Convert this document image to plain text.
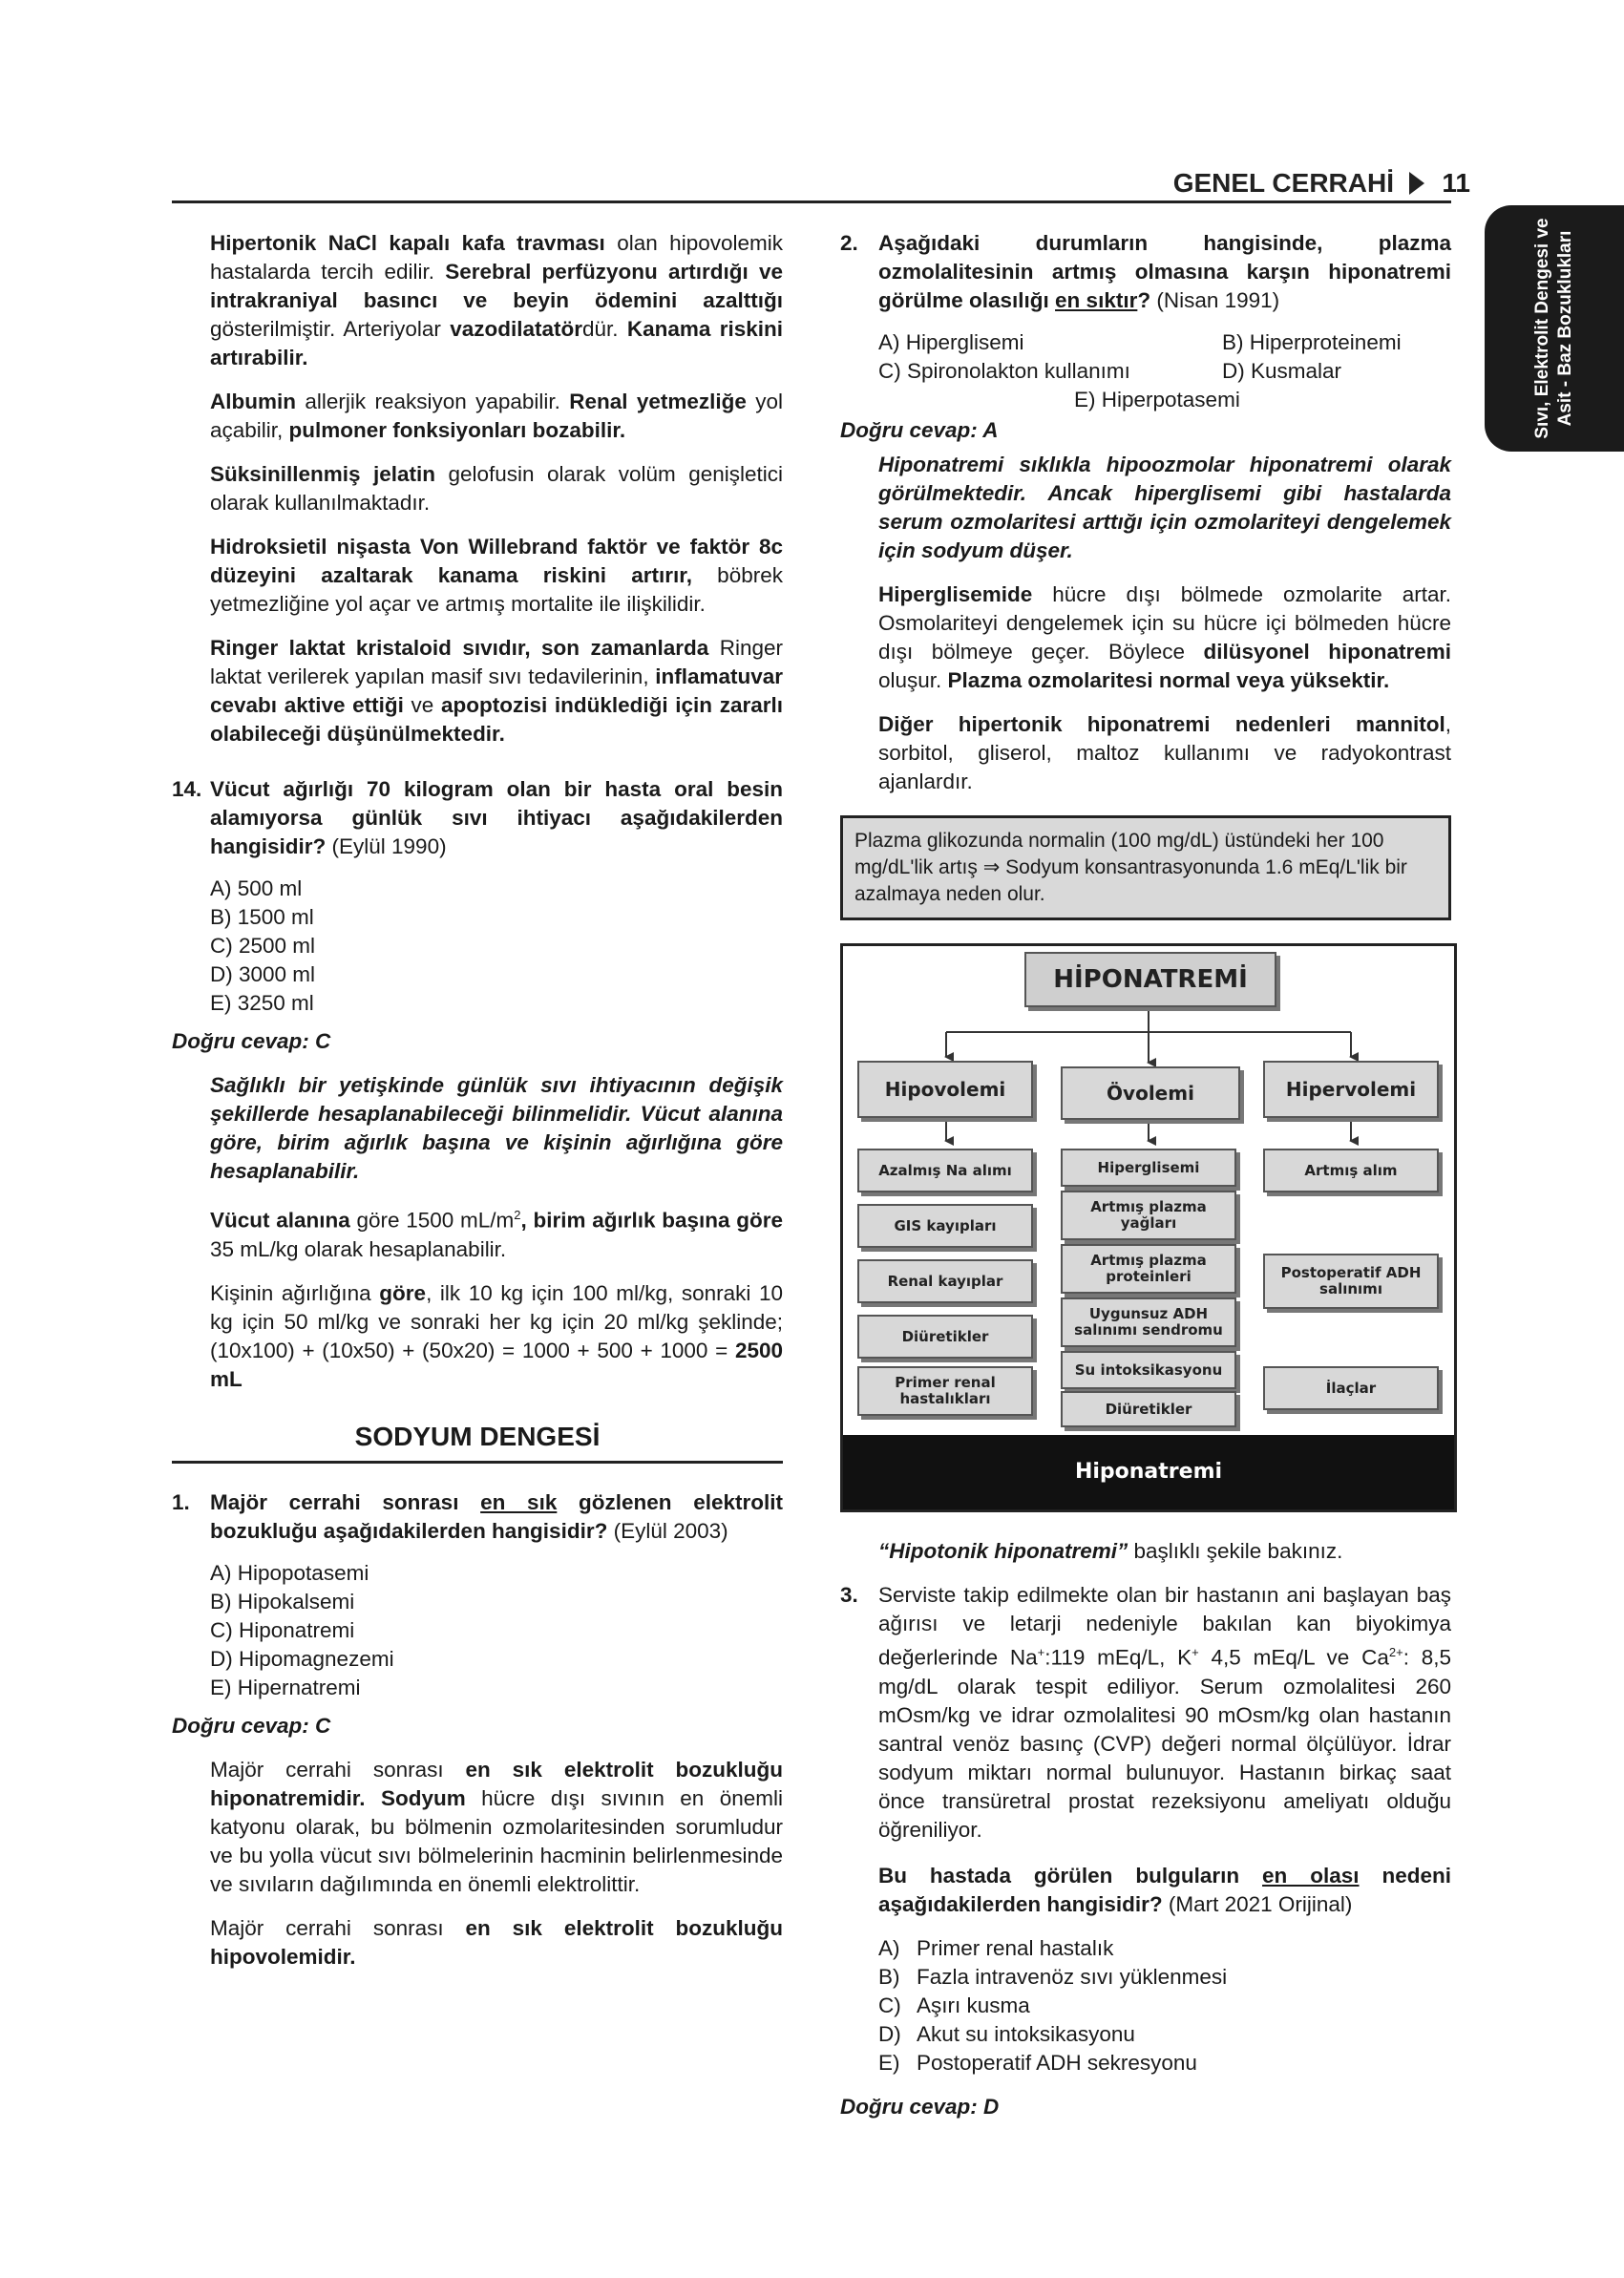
GENEL CERRAHİ 11
Sıvı, Elektrolit Dengesi ve Asit - Baz Bozuklukları

Hipertonik NaCl kapalı kafa travması olan hipovolemik hastalarda tercih edilir. Serebral perfüzyonu artırdığı ve intrakraniyal basıncı ve beyin ödemini azalttığı gösterilmiştir. Arteriyolar vazodilatatördür. Kanama riskini artırabilir.

Albumin allerjik reaksiyon yapabilir. Renal yetmezliğe yol açabilir, pulmoner fonksiyonları bozabilir.

Süksinillenmiş jelatin gelofusin olarak volüm genişletici olarak kullanılmaktadır.

Hidroksietil nişasta Von Willebrand faktör ve faktör 8c düzeyini azaltarak kanama riskini artırır, böbrek yetmezliğine yol açar ve artmış mortalite ile ilişkilidir.

Ringer laktat kristaloid sıvıdır, son zamanlarda Ringer laktat verilerek yapılan masif sıvı tedavilerinin, inflamatuvar cevabı aktive ettiği ve apoptozisi indüklediği için zararlı olabileceği düşünülmektedir.

14. Vücut ağırlığı 70 kilogram olan bir hasta oral besin alamıyorsa günlük sıvı ihtiyacı aşağıdakilerden hangisidir? (Eylül 1990)
A) 500 ml
B) 1500 ml
C) 2500 ml
D) 3000 ml
E) 3250 ml
Doğru cevap: C

Sağlıklı bir yetişkinde günlük sıvı ihtiyacının değişik şekillerde hesaplanabileceği bilinmelidir. Vücut alanına göre, birim ağırlık başına ve kişinin ağırlığına göre hesaplanabilir.

Vücut alanına göre 1500 $mL/m^2$, birim ağırlık başına göre 35 mL/kg olarak hesaplanabilir.

Kişinin ağırlığına göre, ilk 10 kg için 100 ml/kg, sonraki 10 kg için 50 ml/kg ve sonraki her kg için 20 ml/kg şeklinde; (10x100) + (10x50) + (50x20) = 1000 + 500 + 1000 = 2500 mL

SODYUM DENGESİ
1. Majör cerrahi sonrası en sık gözlenen elektrolit bozukluğu aşağıdakilerden hangisidir? (Eylül 2003)
A) Hipopotasemi
B) Hipokalsemi
C) Hiponatremi
D) Hipomagnezemi
E) Hipernatremi
Doğru cevap: C

Majör cerrahi sonrası en sık elektrolit bozukluğu hiponatremidir. Sodyum hücre dışı sıvının en önemli katyonu olarak, bu bölmenin ozmolaritesinden sorumludur ve bu yolla vücut sıvı bölmelerinin hacminin belirlenmesinde ve sıvıların dağılımında en önemli elektrolittir.

Majör cerrahi sonrası en sık elektrolit bozukluğu hipovolemidir.

2. Aşağıdaki durumların hangisinde, plazma ozmolalitesinin artmış olmasına karşın hiponatremi görülme olasılığı en sıktır? (Nisan 1991)
A) Hiperglisemi	B) Hiperproteinemi
C) Spironolakton kullanımı	D) Kusmalar
E) Hiperpotasemi
Doğru cevap: A

Hiponatremi sıklıkla hipoozmolar hiponatremi olarak görülmektedir. Ancak hiperglisemi gibi hastalarda serum ozmolaritesi arttığı için ozmolariteyi dengelemek için sodyum düşer.

Hiperglisemide hücre dışı bölmede ozmolarite artar. Osmolariteyi dengelemek için su hücre içi bölmeden hücre dışı bölmeye geçer. Böylece dilüsyonel hiponatremi oluşur. Plazma ozmolaritesi normal veya yüksektir.

Diğer hipertonik hiponatremi nedenleri mannitol, sorbitol, gliserol, maltoz kullanımı ve radyokontrast ajanlardır.

Plazma glikozunda normalin (100 mg/dL) üstündeki her 100 mg/dL'lik artış ⇒ Sodyum konsantrasyonunda 1.6 mEq/L'lik bir azalmaya neden olur.
HİPONATREMİ
Hipovolemi	Övolemi	Hipervolemi
Azalmış Na alımı
GIS kayıpları
Renal kayıplar
Diüretikler
Primer renal hastalıkları
Hiperglisemi
Artmış plazma yağları
Artmış plazma proteinleri
Uygunsuz ADH salınımı sendromu
Su intoksikasyonu
Diüretikler
Artmış alım
Postoperatif ADH salınımı
İlaçlar
Hiponatremi

“Hipotonik hiponatremi” başlıklı şekile bakınız.

3. Serviste takip edilmekte olan bir hastanın ani başlayan baş ağırısı ve letarji nedeniyle bakılan kan biyokimya değerlerinde Na+:119 mEq/L, K+ 4,5 mEq/L ve $Ca^{2+}$: 8,5 mg/dL olarak tespit ediliyor. Serum ozmolalitesi 260 mOsm/kg ve idrar ozmolalitesi 90 mOsm/kg olan hastanın santral venöz basınç (CVP) değeri normal ölçülüyor. İdrar sodyum miktarı normal bulunuyor. Hastanın birkaç saat önce transüretral prostat rezeksiyonu ameliyatı olduğu öğreniliyor.

Bu hastada görülen bulguların en olası nedeni aşağıdakilerden hangisidir? (Mart 2021 Orijinal)

A) Primer renal hastalık
B) Fazla intravenöz sıvı yüklenmesi
C) Aşırı kusma
D) Akut su intoksikasyonu
E) Postoperatif ADH sekresyonu
Doğru cevap: D
